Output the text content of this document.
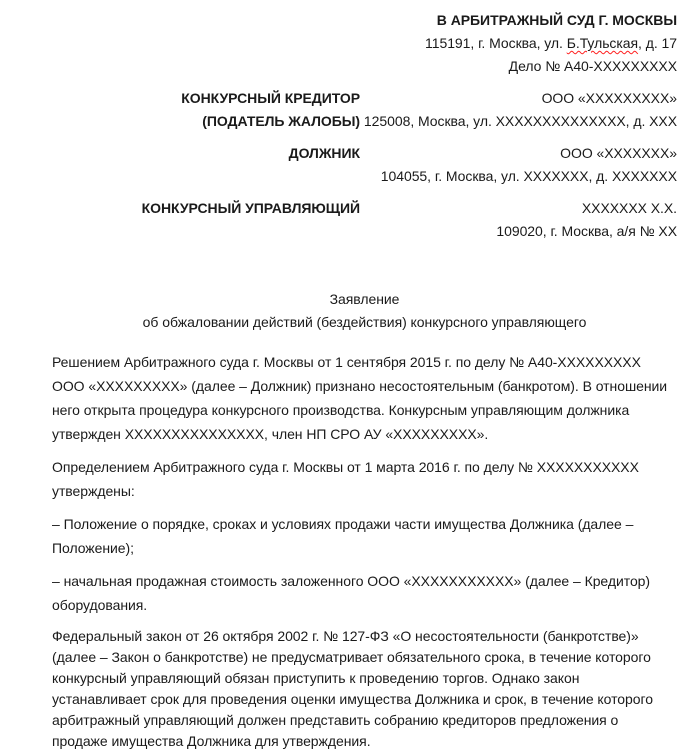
В АРБИТРАЖНЫЙ СУД Г. МОСКВЫ
115191, г. Москва, ул. Б.Тульская, д. 17
Дело № А40-ХХХХХХХХХ
КОНКУРСНЫЙ КРЕДИТОР
(ПОДАТЕЛЬ ЖАЛОБЫ)
ООО «ХХХХХХХХХ»
125008, Москва, ул. ХХХХХХХХХХХХХХ, д. ХХХ
ДОЛЖНИК	ООО «ХХХХХХХ»
104055, г. Москва, ул. ХХХХХХХ, д. ХХХХХХХ
КОНКУРСНЫЙ УПРАВЛЯЮЩИЙ	ХХХХХХХ Х.Х.
109020, г. Москва, а/я № ХХ
Заявление
об обжаловании действий (бездействия) конкурсного управляющего

Решением Арбитражного суда г. Москвы от 1 сентября 2015 г. по делу № А40-ХХХХХХХХХ ООО «ХХХХХХХХХ» (далее – Должник) признано несостоятельным (банкротом). В отношении него открыта процедура конкурсного производства. Конкурсным управляющим должника утвержден ХХХХХХХХХХХХХХХ, член НП СРО АУ «ХХХХХХХХХ».

Определением Арбитражного суда г. Москвы от 1 марта 2016 г. по делу № ХХХХХХХХХХХ утверждены:

– Положение о порядке, сроках и условиях продажи части имущества Должника (далее – Положение);

– начальная продажная стоимость заложенного ООО «ХХХХХХХХХХХ» (далее – Кредитор) оборудования.

Федеральный закон от 26 октября 2002 г. № 127-ФЗ «О несостоятельности (банкротстве)» (далее – Закон о банкротстве) не предусматривает обязательного срока, в течение которого конкурсный управляющий обязан приступить к проведению торгов. Однако закон устанавливает срок для проведения оценки имущества Должника и срок, в течение которого арбитражный управляющий должен представить собранию кредиторов предложения о продаже имущества Должника для утверждения.
